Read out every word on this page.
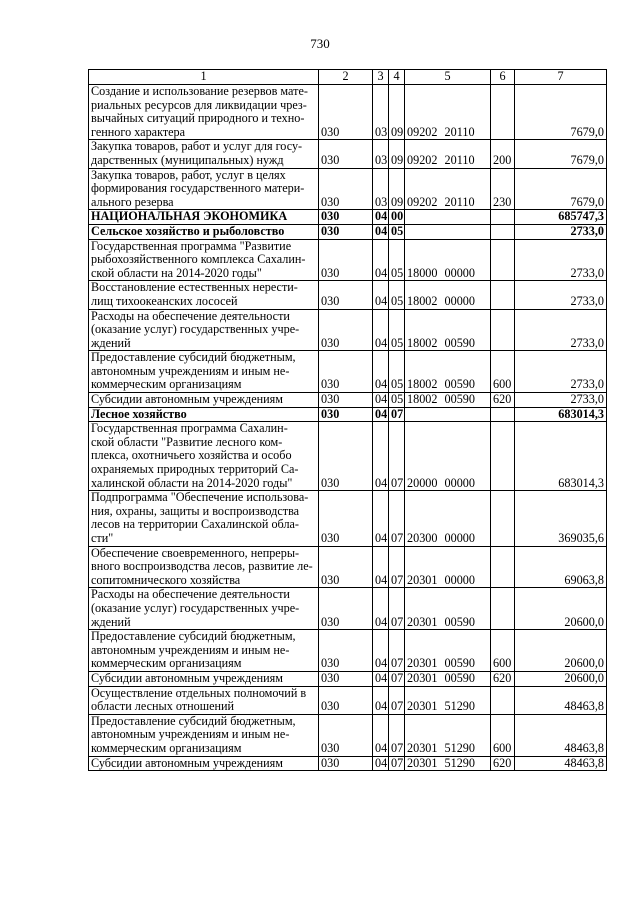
730
1	2	3	4	5	6	7
Создание и использование резервов мате-
риальных ресурсов для ликвидации чрез-
вычайных ситуаций природного и техно-
генного характера	030	03	09	09202 20110		7679,0
Закупка товаров, работ и услуг для госу-
дарственных (муниципальных) нужд	030	03	09	09202 20110	200	7679,0
Закупка товаров, работ, услуг в целях
формирования государственного матери-
ального резерва	030	03	09	09202 20110	230	7679,0
НАЦИОНАЛЬНАЯ ЭКОНОМИКА	030	04	00			685747,3
Сельское хозяйство и рыболовство	030	04	05			2733,0
Государственная программа "Развитие
рыбохозяйственного комплекса Сахалин-
ской области на 2014-2020 годы"	030	04	05	18000 00000		2733,0
Восстановление естественных нерести-
лищ тихоокеанских лососей	030	04	05	18002 00000		2733,0
Расходы на обеспечение деятельности
(оказание услуг) государственных учре-
ждений	030	04	05	18002 00590		2733,0
Предоставление субсидий бюджетным,
автономным учреждениям и иным не-
коммерческим организациям	030	04	05	18002 00590	600	2733,0
Субсидии автономным учреждениям	030	04	05	18002 00590	620	2733,0
Лесное хозяйство	030	04	07			683014,3
Государственная программа Сахалин-
ской области "Развитие лесного ком-
плекса, охотничьего хозяйства и особо
охраняемых природных территорий Са-
халинской области на 2014-2020 годы"	030	04	07	20000 00000		683014,3
Подпрограмма "Обеспечение использова-
ния, охраны, защиты и воспроизводства
лесов на территории Сахалинской обла-
сти"	030	04	07	20300 00000		369035,6
Обеспечение своевременного, непреры-
вного воспроизводства лесов, развитие ле-
сопитомнического хозяйства	030	04	07	20301 00000		69063,8
Расходы на обеспечение деятельности
(оказание услуг) государственных учре-
ждений	030	04	07	20301 00590		20600,0
Предоставление субсидий бюджетным,
автономным учреждениям и иным не-
коммерческим организациям	030	04	07	20301 00590	600	20600,0
Субсидии автономным учреждениям	030	04	07	20301 00590	620	20600,0
Осуществление отдельных полномочий в
области лесных отношений	030	04	07	20301 51290		48463,8
Предоставление субсидий бюджетным,
автономным учреждениям и иным не-
коммерческим организациям	030	04	07	20301 51290	600	48463,8
Субсидии автономным учреждениям	030	04	07	20301 51290	620	48463,8
